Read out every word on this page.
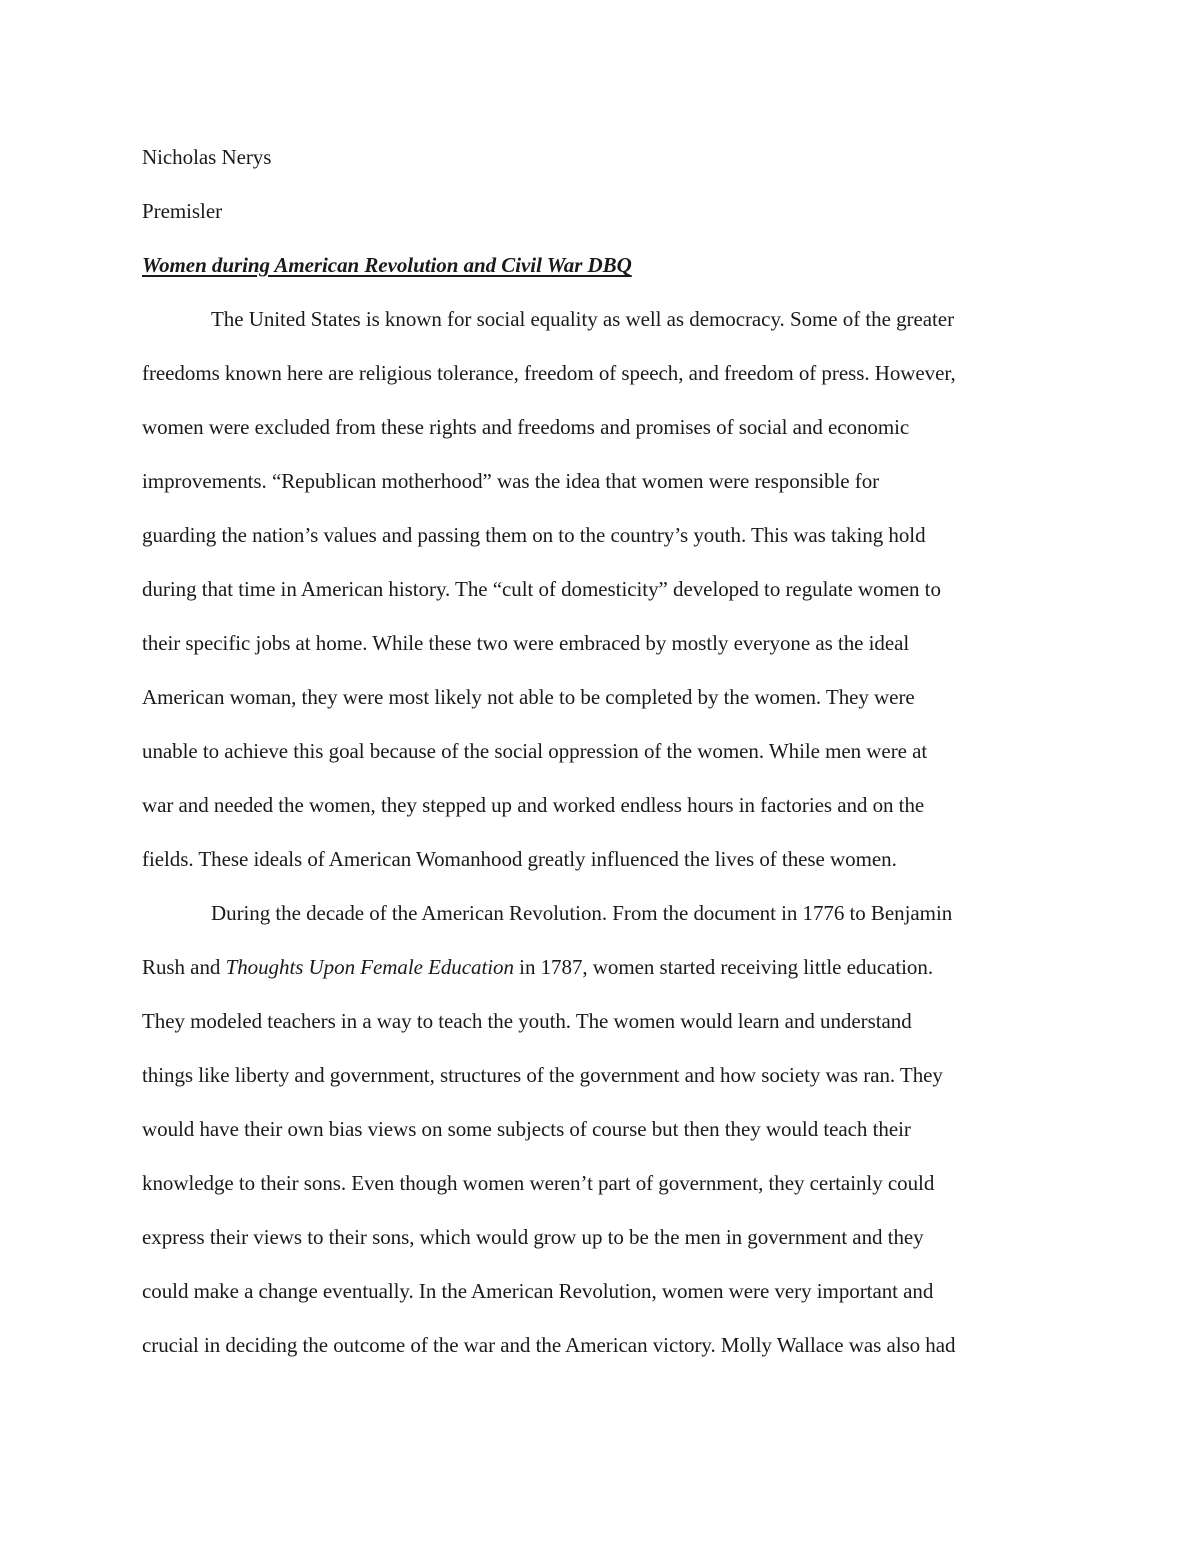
Nicholas Nerys
Premisler
Women during American Revolution and Civil War DBQ
The United States is known for social equality as well as democracy. Some of the greater
freedoms known here are religious tolerance, freedom of speech, and freedom of press. However,
women were excluded from these rights and freedoms and promises of social and economic
improvements. “Republican motherhood” was the idea that women were responsible for
guarding the nation’s values and passing them on to the country’s youth. This was taking hold
during that time in American history. The “cult of domesticity” developed to regulate women to
their specific jobs at home. While these two were embraced by mostly everyone as the ideal
American woman, they were most likely not able to be completed by the women. They were
unable to achieve this goal because of the social oppression of the women. While men were at
war and needed the women, they stepped up and worked endless hours in factories and on the
fields. These ideals of American Womanhood greatly influenced the lives of these women.
During the decade of the American Revolution. From the document in 1776 to Benjamin
Rush and Thoughts Upon Female Education in 1787, women started receiving little education.
They modeled teachers in a way to teach the youth. The women would learn and understand
things like liberty and government, structures of the government and how society was ran. They
would have their own bias views on some subjects of course but then they would teach their
knowledge to their sons. Even though women weren’t part of government, they certainly could
express their views to their sons, which would grow up to be the men in government and they
could make a change eventually. In the American Revolution, women were very important and
crucial in deciding the outcome of the war and the American victory. Molly Wallace was also had
